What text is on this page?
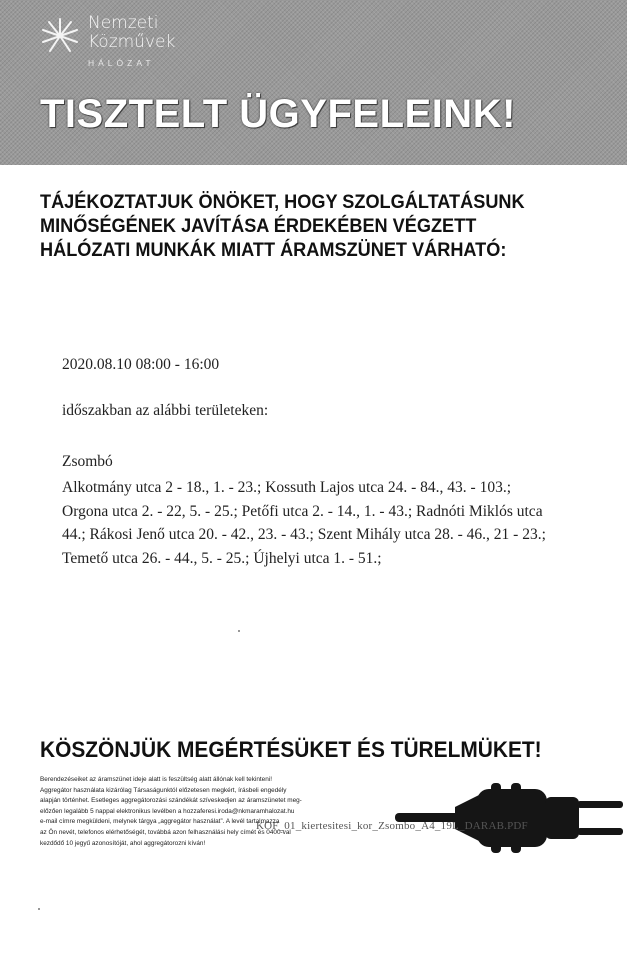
Nemzeti
Közművek
HÁLÓZAT
TISZTELT ÜGYFELEINK!

TÁJÉKOZTATJUK ÖNÖKET, HOGY SZOLGÁLTATÁSUNK
MINŐSÉGÉNEK JAVÍTÁSA ÉRDEKÉBEN VÉGZETT
HÁLÓZATI MUNKÁK MIATT ÁRAMSZÜNET VÁRHATÓ:

2020.08.10 08:00 - 16:00
időszakban az alábbi területeken:
Zsombó
Alkotmány utca 2 - 18., 1. - 23.; Kossuth Lajos utca 24. - 84., 43. - 103.;
Orgona utca 2. - 22, 5. - 25.; Petőfi utca 2. - 14., 1. - 43.; Radnóti Miklós utca
44.; Rákosi Jenő utca 20. - 42., 23. - 43.; Szent Mihály utca 28. - 46., 21 - 23.;
Temető utca 26. - 44., 5. - 25.; Újhelyi utca 1. - 51.;
KÖSZÖNJÜK MEGÉRTÉSÜKET ÉS TÜRELMÜKET!

Berendezéseiket az áramszünet ideje alatt is feszültség alatt állónak kell tekinteni!
Aggregátor használata kizárólag Társaságunktól előzetesen megkért, írásbeli engedély
alapján történhet. Esetleges aggregátorozási szándékát szíveskedjen az áramszünetet meg-
előzően legalább 5 nappal elektronikus levélben a hozzaferesi.iroda@nkmaramhalozat.hu
e-mail címre megküldeni, melynek tárgya „aggregátor használat”. A levél tartalmazza
az Ön nevét, telefonos elérhetőségét, továbbá azon felhasználási hely címét és 0400-val
kezdődő 10 jegyű azonosítóját, ahol aggregátorozni kíván!

KOF_01_kiertesitesi_kor_Zsombo_A4_19L_DARAB.PDF
